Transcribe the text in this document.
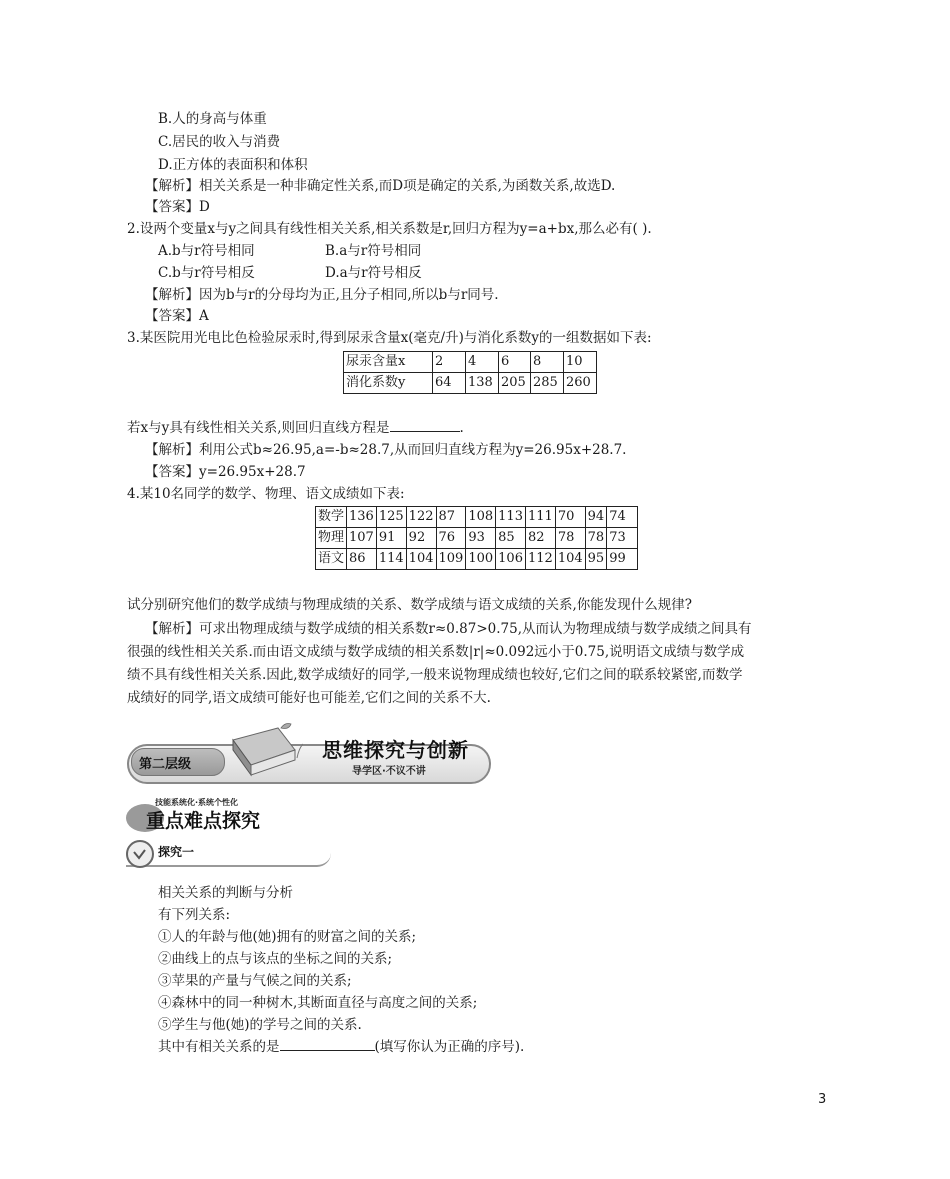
B.人的身高与体重
C.居民的收入与消费
D.正方体的表面积和体积
【解析】相关关系是一种非确定性关系,而D项是确定的关系,为函数关系,故选D.
【答案】D
2.设两个变量x与y之间具有线性相关关系,相关系数是r,回归方程为y=a+bx,那么必有( ).
A.b与r符号相同	B.a与r符号相同
C.b与r符号相反	D.a与r符号相反
【解析】因为b与r的分母均为正,且分子相同,所以b与r同号.
【答案】A
3.某医院用光电比色检验尿汞时,得到尿汞含量x(毫克/升)与消化系数y的一组数据如下表:
尿汞含量x	2	4	6	8	10
消化系数y	64	138	205	285	260
若x与y具有线性相关关系,则回归直线方程是	.
【解析】利用公式b≈26.95,a=-b≈28.7,从而回归直线方程为y=26.95x+28.7.
【答案】y=26.95x+28.7
4.某10名同学的数学、物理、语文成绩如下表:
数学	136	125	122	87	108	113	111	70	94	74
物理	107	91	92	76	93	85	82	78	78	73
语文	86	114	104	109	100	106	112	104	95	99
试分别研究他们的数学成绩与物理成绩的关系、数学成绩与语文成绩的关系,你能发现什么规律?
【解析】可求出物理成绩与数学成绩的相关系数r≈0.87>0.75,从而认为物理成绩与数学成绩之间具有
很强的线性相关关系.而由语文成绩与数学成绩的相关系数|r|≈0.092远小于0.75,说明语文成绩与数学成
绩不具有线性相关关系.因此,数学成绩好的同学,一般来说物理成绩也较好,它们之间的联系较紧密,而数学
成绩好的同学,语文成绩可能好也可能差,它们之间的关系不大.
第二层级
思维探究与创新
导学区·不议不讲
技能系统化·系统个性化
重点难点探究
探究一
相关关系的判断与分析
有下列关系:
①人的年龄与他(她)拥有的财富之间的关系;
②曲线上的点与该点的坐标之间的关系;
③苹果的产量与气候之间的关系;
④森林中的同一种树木,其断面直径与高度之间的关系;
⑤学生与他(她)的学号之间的关系.
其中有相关关系的是	(填写你认为正确的序号).
3
